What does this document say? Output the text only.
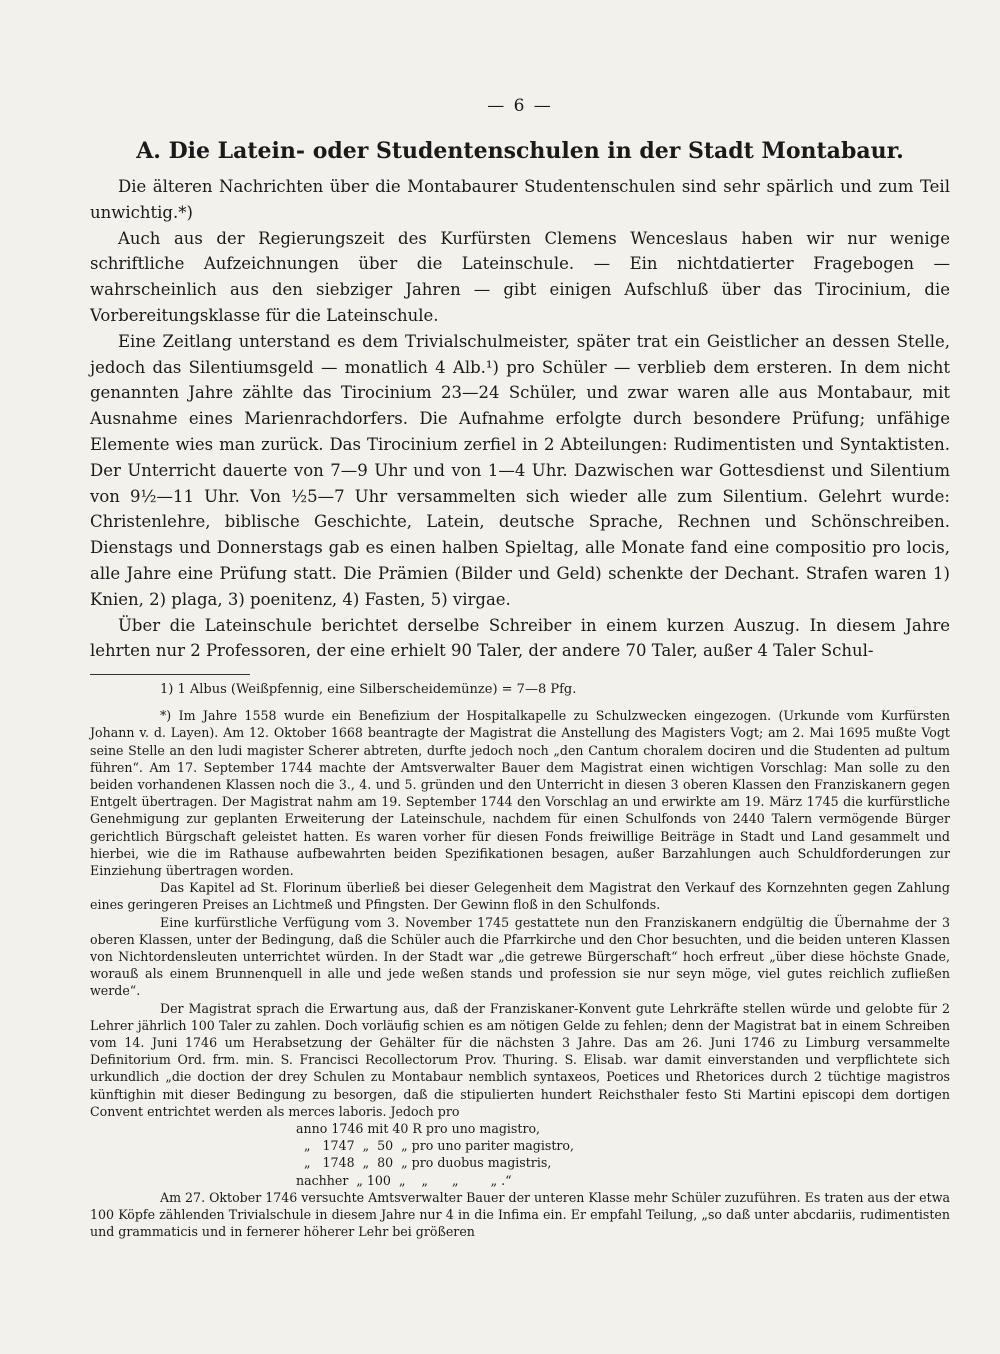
— 6 —
A. Die Latein- oder Studentenschulen in der Stadt Montabaur.

Die älteren Nachrichten über die Montabaurer Studentenschulen sind sehr spärlich und zum Teil unwichtig.*)

Auch aus der Regierungszeit des Kurfürsten Clemens Wenceslaus haben wir nur wenige schriftliche Aufzeichnungen über die Lateinschule. — Ein nichtdatierter Fragebogen — wahrscheinlich aus den siebziger Jahren — gibt einigen Aufschluß über das Tirocinium, die Vorbereitungsklasse für die Lateinschule.

Eine Zeitlang unterstand es dem Trivialschulmeister, später trat ein Geistlicher an dessen Stelle, jedoch das Silentiumsgeld — monatlich 4 Alb.¹) pro Schüler — verblieb dem ersteren. In dem nicht genannten Jahre zählte das Tirocinium 23—24 Schüler, und zwar waren alle aus Montabaur, mit Ausnahme eines Marienrachdorfers. Die Aufnahme erfolgte durch besondere Prüfung; unfähige Elemente wies man zurück. Das Tirocinium zerfiel in 2 Abteilungen: Rudimentisten und Syntaktisten. Der Unterricht dauerte von 7—9 Uhr und von 1—4 Uhr. Dazwischen war Gottesdienst und Silentium von 9½—11 Uhr. Von ½5—7 Uhr versammelten sich wieder alle zum Silentium. Gelehrt wurde: Christenlehre, biblische Geschichte, Latein, deutsche Sprache, Rechnen und Schönschreiben. Dienstags und Donnerstags gab es einen halben Spieltag, alle Monate fand eine compositio pro locis, alle Jahre eine Prüfung statt. Die Prämien (Bilder und Geld) schenkte der Dechant. Strafen waren 1) Knien, 2) plaga, 3) poenitenz, 4) Fasten, 5) virgae.

Über die Lateinschule berichtet derselbe Schreiber in einem kurzen Auszug. In diesem Jahre lehrten nur 2 Professoren, der eine erhielt 90 Taler, der andere 70 Taler, außer 4 Taler Schul-

1) 1 Albus (Weißpfennig, eine Silberscheidemünze) = 7—8 Pfg.

*) Im Jahre 1558 wurde ein Benefizium der Hospitalkapelle zu Schulzwecken eingezogen. (Urkunde vom Kurfürsten Johann v. d. Layen). Am 12. Oktober 1668 beantragte der Magistrat die Anstellung des Magisters Vogt; am 2. Mai 1695 mußte Vogt seine Stelle an den ludi magister Scherer abtreten, durfte jedoch noch „den Cantum choralem dociren und die Studenten ad pultum führen“. Am 17. September 1744 machte der Amtsverwalter Bauer dem Magistrat einen wichtigen Vorschlag: Man solle zu den beiden vorhandenen Klassen noch die 3., 4. und 5. gründen und den Unterricht in diesen 3 oberen Klassen den Franziskanern gegen Entgelt übertragen. Der Magistrat nahm am 19. September 1744 den Vorschlag an und erwirkte am 19. März 1745 die kurfürstliche Genehmigung zur geplanten Erweiterung der Lateinschule, nachdem für einen Schulfonds von 2440 Talern vermögende Bürger gerichtlich Bürgschaft geleistet hatten. Es waren vorher für diesen Fonds freiwillige Beiträge in Stadt und Land gesammelt und hierbei, wie die im Rathause aufbewahrten beiden Spezifikationen besagen, außer Barzahlungen auch Schuldforderungen zur Einziehung übertragen worden.

Das Kapitel ad St. Florinum überließ bei dieser Gelegenheit dem Magistrat den Verkauf des Kornzehnten gegen Zahlung eines geringeren Preises an Lichtmeß und Pfingsten. Der Gewinn floß in den Schulfonds.

Eine kurfürstliche Verfügung vom 3. November 1745 gestattete nun den Franziskanern endgültig die Übernahme der 3 oberen Klassen, unter der Bedingung, daß die Schüler auch die Pfarrkirche und den Chor besuchten, und die beiden unteren Klassen von Nichtordensleuten unterrichtet würden. In der Stadt war „die getrewe Bürgerschaft“ hoch erfreut „über diese höchste Gnade, worauß als einem Brunnenquell in alle und jede weßen stands und profession sie nur seyn möge, viel gutes reichlich zufließen werde“.

Der Magistrat sprach die Erwartung aus, daß der Franziskaner-Konvent gute Lehrkräfte stellen würde und gelobte für 2 Lehrer jährlich 100 Taler zu zahlen. Doch vorläufig schien es am nötigen Gelde zu fehlen; denn der Magistrat bat in einem Schreiben vom 14. Juni 1746 um Herabsetzung der Gehälter für die nächsten 3 Jahre. Das am 26. Juni 1746 zu Limburg versammelte Definitorium Ord. frm. min. S. Francisci Recollectorum Prov. Thuring. S. Elisab. war damit einverstanden und verpflichtete sich urkundlich „die doction der drey Schulen zu Montabaur nemblich syntaxeos, Poetices und Rhetorices durch 2 tüchtige magistros künftighin mit dieser Bedingung zu besorgen, daß die stipulierten hundert Reichsthaler festo Sti Martini episcopi dem dortigen Convent entrichtet werden als merces laboris. Jedoch pro

anno 1746 mit 40 R pro uno magistro,
„   1747  „  50  „ pro uno pariter magistro,
„   1748  „  80  „ pro duobus magistris,
nachher  „ 100  „    „      „        „ .“

Am 27. Oktober 1746 versuchte Amtsverwalter Bauer der unteren Klasse mehr Schüler zuzuführen. Es traten aus der etwa 100 Köpfe zählenden Trivialschule in diesem Jahre nur 4 in die Infima ein. Er empfahl Teilung, „so daß unter abcdariis, rudimentisten und grammaticis und in fernerer höherer Lehr bei größeren
